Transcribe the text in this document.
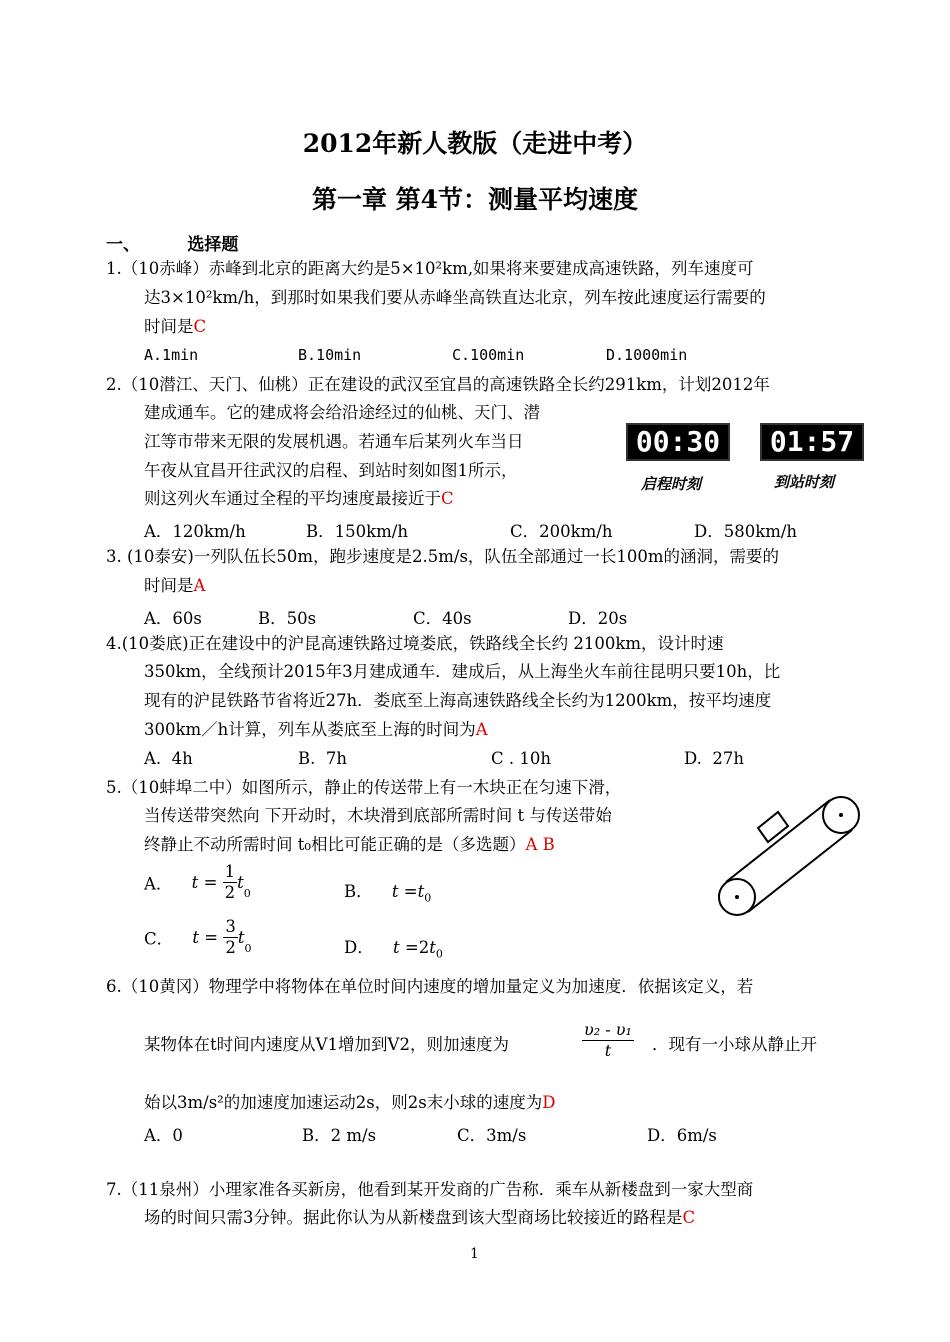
2012年新人教版（走进中考）
第一章 第4节：测量平均速度
一、        选择题
1.（10赤峰）赤峰到北京的距离大约是5×10²km,如果将来要建成高速铁路，列车速度可
达3×10²km/h，到那时如果我们要从赤峰坐高铁直达北京，列车按此速度运行需要的
时间是C
A.1min	B.10min	C.100min	D.1000min
2.（10潜江、天门、仙桃）正在建设的武汉至宜昌的高速铁路全长约291km，计划2012年
建成通车。它的建成将会给沿途经过的仙桃、天门、潜
江等市带来无限的发展机遇。若通车后某列火车当日
午夜从宜昌开往武汉的启程、到站时刻如图1所示，
则这列火车通过全程的平均速度最接近于C
00:30	01:57
启程时刻	到站时刻
A．120km/h	B．150km/h	C．200km/h	D．580km/h
3. (10泰安)一列队伍长50m，跑步速度是2.5m/s，队伍全部通过一长100m的涵洞，需要的
时间是A
A．60s	B．50s	C．40s	D．20s
4.(10娄底)正在建设中的沪昆高速铁路过境娄底，铁路线全长约 2100km，设计时速
350km，全线预计2015年3月建成通车．建成后，从上海坐火车前往昆明只要10h，比
现有的沪昆铁路节省将近27h．娄底至上海高速铁路线全长约为1200km，按平均速度
300km／h计算，列车从娄底至上海的时间为A
A.  4h	B.  7h	C . 10h	D.  27h
5.（10蚌埠二中）如图所示，静止的传送带上有一木块正在匀速下滑，
当传送带突然向 下开动时，木块滑到底部所需时间 t 与传送带始
终静止不动所需时间 t₀相比可能正确的是（多选题）A B
A． $t = \frac{1}{2} t_0$	B． $t =t_0$
C． $t = \frac{3}{2} t_0$	D． $t =2t_0$
6.（10黄冈）物理学中将物体在单位时间内速度的增加量定义为加速度．依据该定义，若
某物体在t时间内速度从V1增加到V2，则加速度为	$\frac{\text{υ₂ - υ₁}}{t}$ ．现有一小球从静止开
始以3m/s²的加速度加速运动2s，则2s末小球的速度为D
A．0	B．2 m/s	C．3m/s	D．6m/s
7.（11泉州）小理家准各买新房，他看到某开发商的广告称．乘车从新楼盘到一家大型商
场的时间只需3分钟。据此你认为从新楼盘到该大型商场比较接近的路程是C
1
